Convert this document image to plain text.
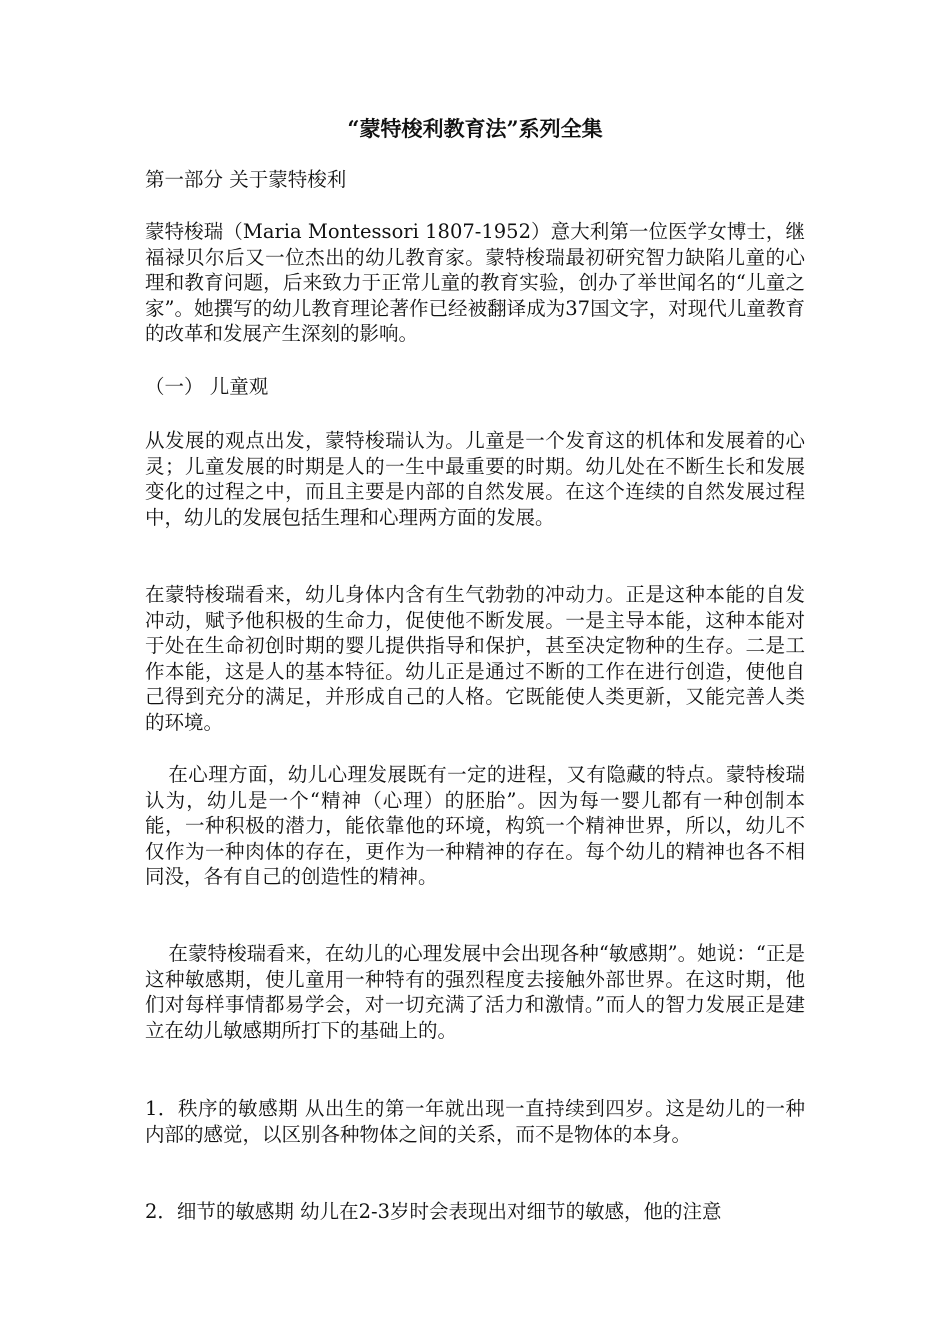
“蒙特梭利教育法”系列全集

第一部分 关于蒙特梭利

蒙特梭瑞（Maria Montessori 1807-1952）意大利第一位医学女博士，继福禄贝尔后又一位杰出的幼儿教育家。蒙特梭瑞最初研究智力缺陷儿童的心理和教育问题，后来致力于正常儿童的教育实验，创办了举世闻名的“儿童之家”。她撰写的幼儿教育理论著作已经被翻译成为37国文字，对现代儿童教育的改革和发展产生深刻的影响。

（一） 儿童观

从发展的观点出发，蒙特梭瑞认为。儿童是一个发育这的机体和发展着的心灵；儿童发展的时期是人的一生中最重要的时期。幼儿处在不断生长和发展变化的过程之中，而且主要是内部的自然发展。在这个连续的自然发展过程中，幼儿的发展包括生理和心理两方面的发展。

在蒙特梭瑞看来，幼儿身体内含有生气勃勃的冲动力。正是这种本能的自发冲动，赋予他积极的生命力，促使他不断发展。一是主导本能，这种本能对于处在生命初创时期的婴儿提供指导和保护，甚至决定物种的生存。二是工作本能，这是人的基本特征。幼儿正是通过不断的工作在进行创造，使他自己得到充分的满足，并形成自己的人格。它既能使人类更新，又能完善人类的环境。

在心理方面，幼儿心理发展既有一定的进程，又有隐藏的特点。蒙特梭瑞认为，幼儿是一个“精神（心理）的胚胎”。因为每一婴儿都有一种创制本能，一种积极的潜力，能依靠他的环境，构筑一个精神世界，所以，幼儿不仅作为一种肉体的存在，更作为一种精神的存在。每个幼儿的精神也各不相同没，各有自己的创造性的精神。

在蒙特梭瑞看来，在幼儿的心理发展中会出现各种“敏感期”。她说：“正是这种敏感期，使儿童用一种特有的强烈程度去接触外部世界。在这时期，他们对每样事情都易学会，对一切充满了活力和激情。”而人的智力发展正是建立在幼儿敏感期所打下的基础上的。

1．秩序的敏感期 从出生的第一年就出现一直持续到四岁。这是幼儿的一种内部的感觉，以区别各种物体之间的关系，而不是物体的本身。

2．细节的敏感期 幼儿在2-3岁时会表现出对细节的敏感，他的注意
